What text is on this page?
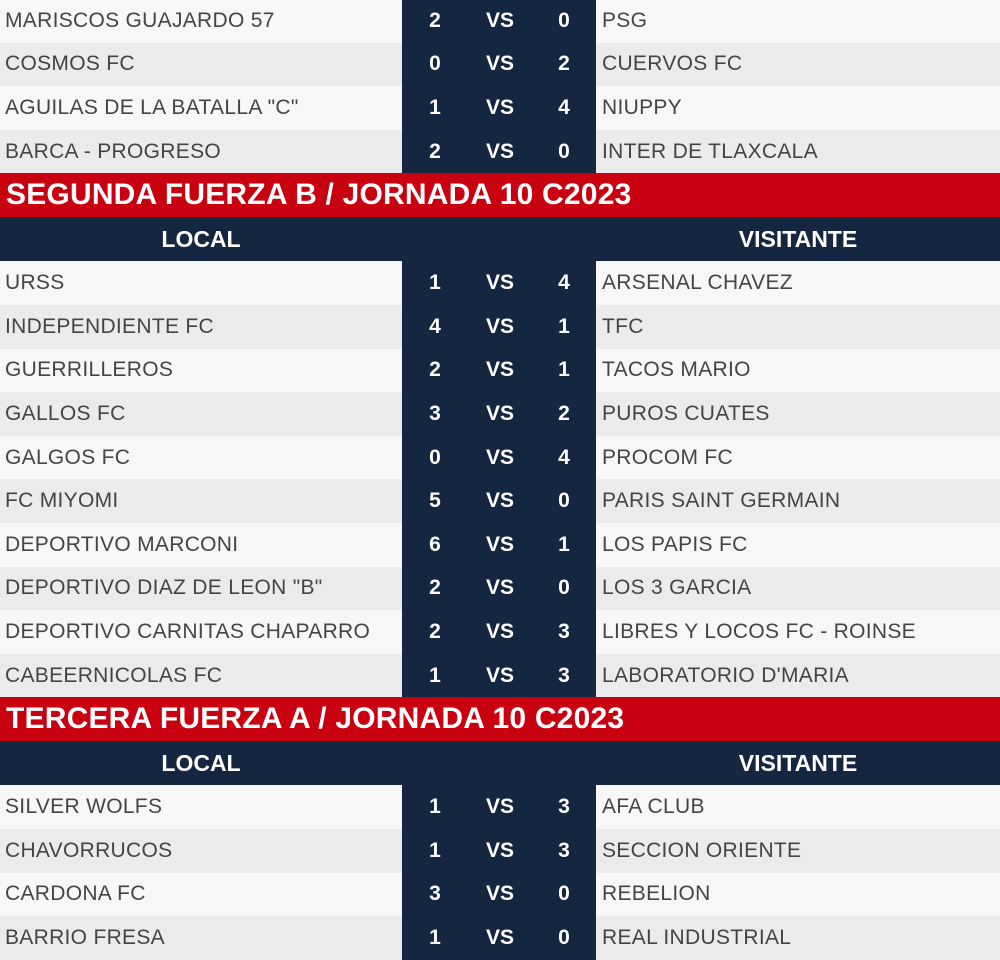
MARISCOS GUAJARDO 57	2	VS	0	PSG
COSMOS FC	0	VS	2	CUERVOS FC
AGUILAS DE LA BATALLA "C"	1	VS	4	NIUPPY
BARCA - PROGRESO	2	VS	0	INTER DE TLAXCALA
SEGUNDA FUERZA B / JORNADA 10 C2023
LOCAL	VISITANTE
URSS	1	VS	4	ARSENAL CHAVEZ
INDEPENDIENTE FC	4	VS	1	TFC
GUERRILLEROS	2	VS	1	TACOS MARIO
GALLOS FC	3	VS	2	PUROS CUATES
GALGOS FC	0	VS	4	PROCOM FC
FC MIYOMI	5	VS	0	PARIS SAINT GERMAIN
DEPORTIVO MARCONI	6	VS	1	LOS PAPIS FC
DEPORTIVO DIAZ DE LEON "B"	2	VS	0	LOS 3 GARCIA
DEPORTIVO CARNITAS CHAPARRO	2	VS	3	LIBRES Y LOCOS FC - ROINSE
CABEERNICOLAS FC	1	VS	3	LABORATORIO D'MARIA
TERCERA FUERZA A / JORNADA 10 C2023
LOCAL	VISITANTE
SILVER WOLFS	1	VS	3	AFA CLUB
CHAVORRUCOS	1	VS	3	SECCION ORIENTE
CARDONA FC	3	VS	0	REBELION
BARRIO FRESA	1	VS	0	REAL INDUSTRIAL
